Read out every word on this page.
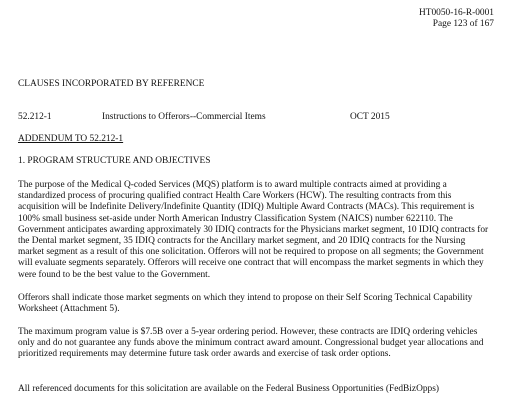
HT0050-16-R-0001
Page 123 of 167
CLAUSES INCORPORATED BY REFERENCE
52.212-1	Instructions to Offerors--Commercial Items	OCT 2015
ADDENDUM TO 52.212-1
1. PROGRAM STRUCTURE AND OBJECTIVES
The purpose of the Medical Q-coded Services (MQS) platform is to award multiple contracts aimed at providing a standardized process of procuring qualified contract Health Care Workers (HCW). The resulting contracts from this acquisition will be Indefinite Delivery/Indefinite Quantity (IDIQ) Multiple Award Contracts (MACs). This requirement is 100% small business set-aside under North American Industry Classification System (NAICS) number 622110. The Government anticipates awarding approximately 30 IDIQ contracts for the Physicians market segment, 10 IDIQ contracts for the Dental market segment, 35 IDIQ contracts for the Ancillary market segment, and 20 IDIQ contracts for the Nursing market segment as a result of this one solicitation. Offerors will not be required to propose on all segments; the Government will evaluate segments separately. Offerors will receive one contract that will encompass the market segments in which they were found to be the best value to the Government.
Offerors shall indicate those market segments on which they intend to propose on their Self Scoring Technical Capability Worksheet (Attachment 5).
The maximum program value is $7.5B over a 5-year ordering period. However, these contracts are IDIQ ordering vehicles only and do not guarantee any funds above the minimum contract award amount. Congressional budget year allocations and prioritized requirements may determine future task order awards and exercise of task order options.
All referenced documents for this solicitation are available on the Federal Business Opportunities (FedBizOpps)
